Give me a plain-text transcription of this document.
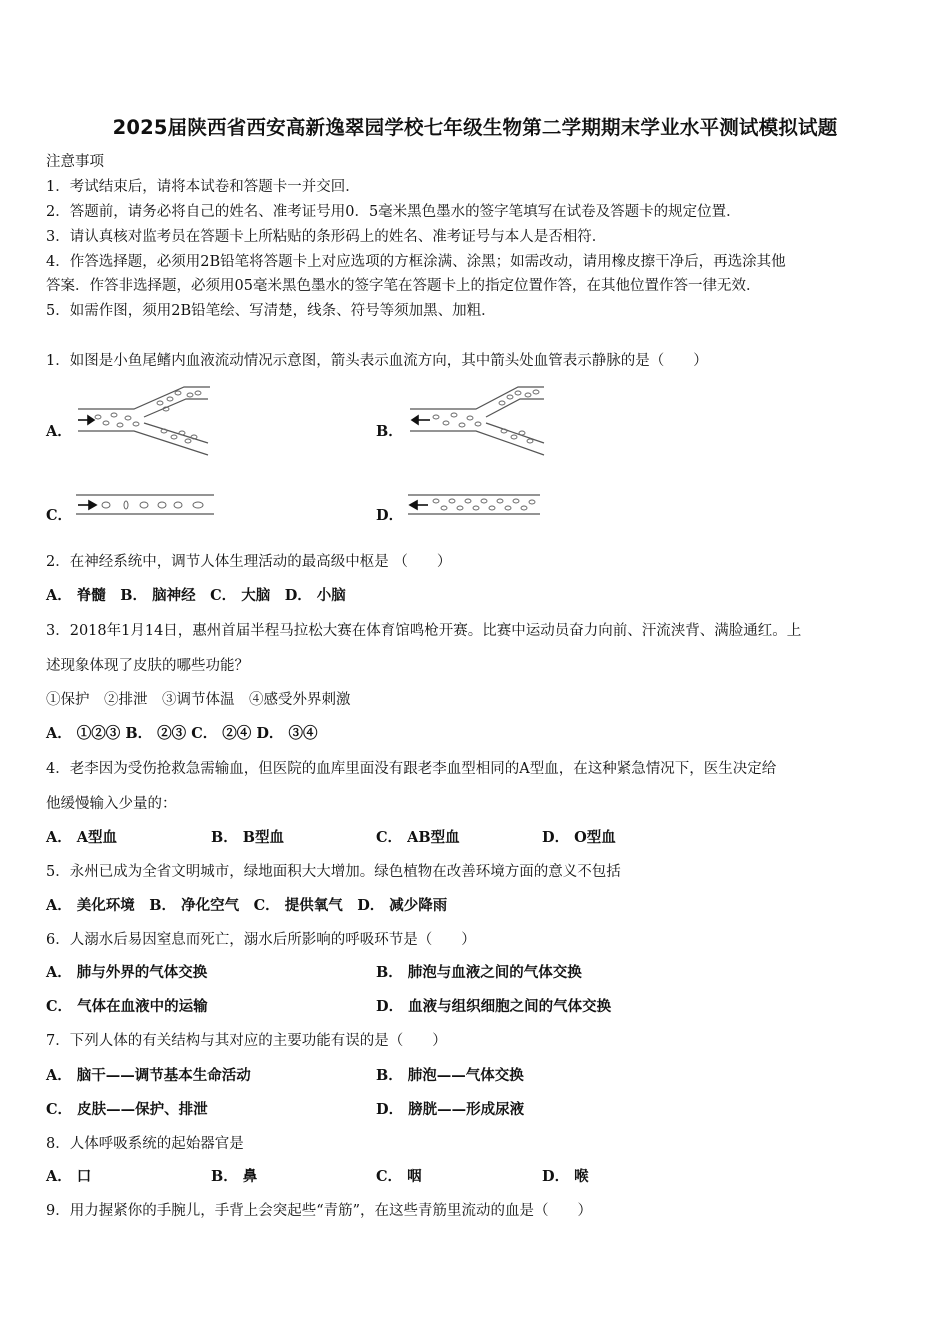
2025届陕西省西安高新逸翠园学校七年级生物第二学期期末学业水平测试模拟试题
注意事项
1．考试结束后，请将本试卷和答题卡一并交回．
2．答题前，请务必将自己的姓名、准考证号用0．5毫米黑色墨水的签字笔填写在试卷及答题卡的规定位置．
3．请认真核对监考员在答题卡上所粘贴的条形码上的姓名、准考证号与本人是否相符．
4．作答选择题，必须用2B铅笔将答题卡上对应选项的方框涂满、涂黑；如需改动，请用橡皮擦干净后，再选涂其他
答案．作答非选择题，必须用05毫米黑色墨水的签字笔在答题卡上的指定位置作答，在其他位置作答一律无效．
5．如需作图，须用2B铅笔绘、写清楚，线条、符号等须加黑、加粗．
1．如图是小鱼尾鳍内血液流动情况示意图，箭头表示血流方向，其中箭头处血管表示静脉的是（　　）
A．	B．
C．	D．
2．在神经系统中，调节人体生理活动的最高级中枢是 （　　）
A． 脊髓　B． 脑神经　C． 大脑　D． 小脑
3．2018年1月14日，惠州首届半程马拉松大赛在体育馆鸣枪开赛。比赛中运动员奋力向前、汗流浃背、满脸通红。上
述现象体现了皮肤的哪些功能？
①保护　②排泄　③调节体温　④感受外界刺激
A． ①②③ B． ②③ C． ②④ D． ③④
4．老李因为受伤抢救急需输血，但医院的血库里面没有跟老李血型相同的A型血，在这种紧急情况下，医生决定给
他缓慢输入少量的：
A． A型血	B． B型血	C． AB型血	D． O型血
5．永州已成为全省文明城市，绿地面积大大增加。绿色植物在改善环境方面的意义不包括
A． 美化环境　B． 净化空气　C． 提供氧气　D． 减少降雨
6．人溺水后易因窒息而死亡，溺水后所影响的呼吸环节是（　　）
A． 肺与外界的气体交换	B． 肺泡与血液之间的气体交换
C． 气体在血液中的运输	D． 血液与组织细胞之间的气体交换
7．下列人体的有关结构与其对应的主要功能有误的是（　　）
A． 脑干——调节基本生命活动	B． 肺泡——气体交换
C． 皮肤——保护、排泄	D． 膀胱——形成尿液
8．人体呼吸系统的起始器官是
A． 口	B． 鼻	C． 咽	D． 喉
9．用力握紧你的手腕儿，手背上会突起些“青筋”，在这些青筋里流动的血是（　　）
